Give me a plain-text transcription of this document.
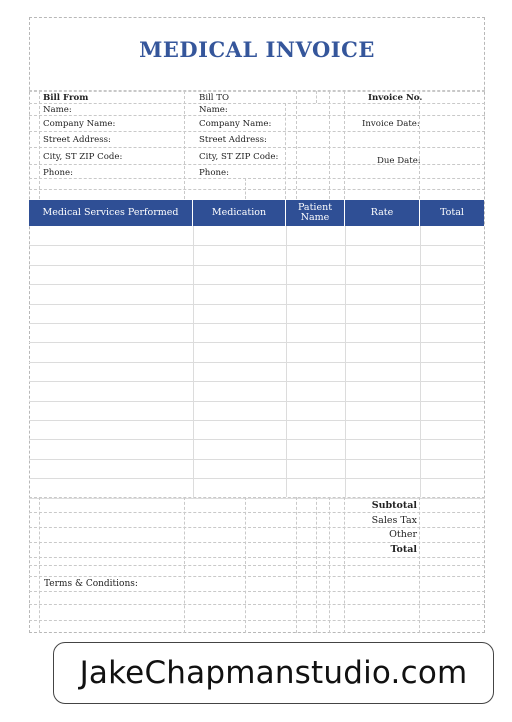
MEDICAL INVOICE
Bill From
Name:
Company Name:
Street Address:
City, ST ZIP Code:
Phone:
Bill TO
Name:
Company Name:
Street Address:
City, ST ZIP Code:
Phone:
Invoice No.
Invoice Date:
Due Date:
Medical Services Performed	Medication	Patient Name	Rate	Total
Subtotal
Sales Tax
Other
Total
Terms & Conditions:
JakeChapmanstudio.com
